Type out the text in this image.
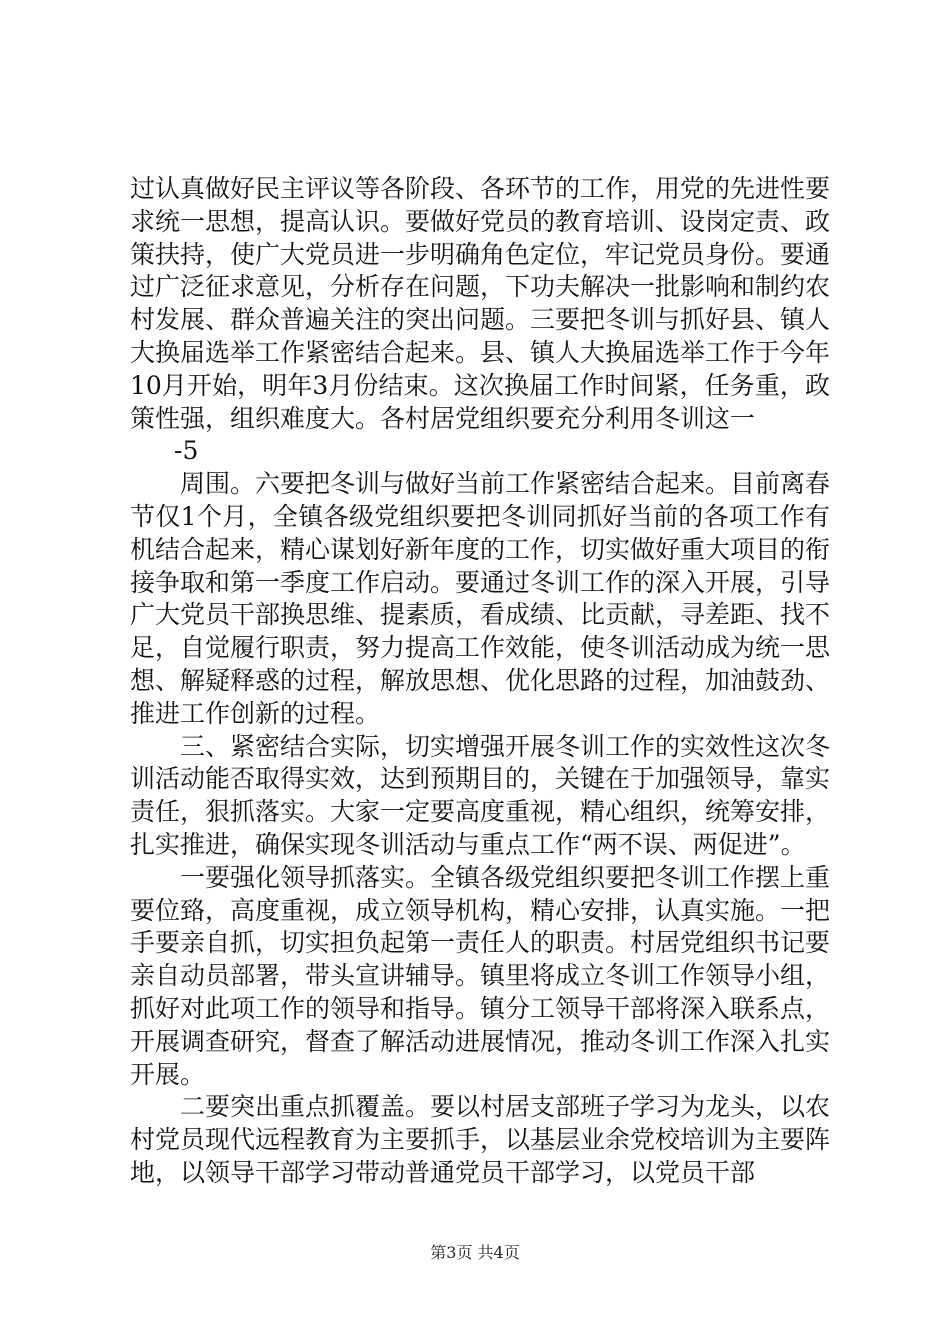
过认真做好民主评议等各阶段、各环节的工作，用党的先进性要求统一思想，提高认识。要做好党员的教育培训、设岗定责、政策扶持，使广大党员进一步明确角色定位，牢记党员身份。要通过广泛征求意见，分析存在问题，下功夫解决一批影响和制约农村发展、群众普遍关注的突出问题。三要把冬训与抓好县、镇人大换届选举工作紧密结合起来。县、镇人大换届选举工作于今年10月开始，明年3月份结束。这次换届工作时间紧，任务重，政策性强，组织难度大。各村居党组织要充分利用冬训这一

-5

周围。六要把冬训与做好当前工作紧密结合起来。目前离春节仅1个月，全镇各级党组织要把冬训同抓好当前的各项工作有机结合起来，精心谋划好新年度的工作，切实做好重大项目的衔接争取和第一季度工作启动。要通过冬训工作的深入开展，引导广大党员干部换思维、提素质，看成绩、比贡献，寻差距、找不足，自觉履行职责，努力提高工作效能，使冬训活动成为统一思想、解疑释惑的过程，解放思想、优化思路的过程，加油鼓劲、推进工作创新的过程。

三、紧密结合实际，切实增强开展冬训工作的实效性这次冬训活动能否取得实效，达到预期目的，关键在于加强领导，靠实责任，狠抓落实。大家一定要高度重视，精心组织，统筹安排，扎实推进，确保实现冬训活动与重点工作“两不误、两促进”。

一要强化领导抓落实。全镇各级党组织要把冬训工作摆上重要位臵，高度重视，成立领导机构，精心安排，认真实施。一把手要亲自抓，切实担负起第一责任人的职责。村居党组织书记要亲自动员部署，带头宣讲辅导。镇里将成立冬训工作领导小组，抓好对此项工作的领导和指导。镇分工领导干部将深入联系点，开展调查研究，督查了解活动进展情况，推动冬训工作深入扎实开展。

二要突出重点抓覆盖。要以村居支部班子学习为龙头，以农村党员现代远程教育为主要抓手，以基层业余党校培训为主要阵地，以领导干部学习带动普通党员干部学习，以党员干部

第3页 共4页
